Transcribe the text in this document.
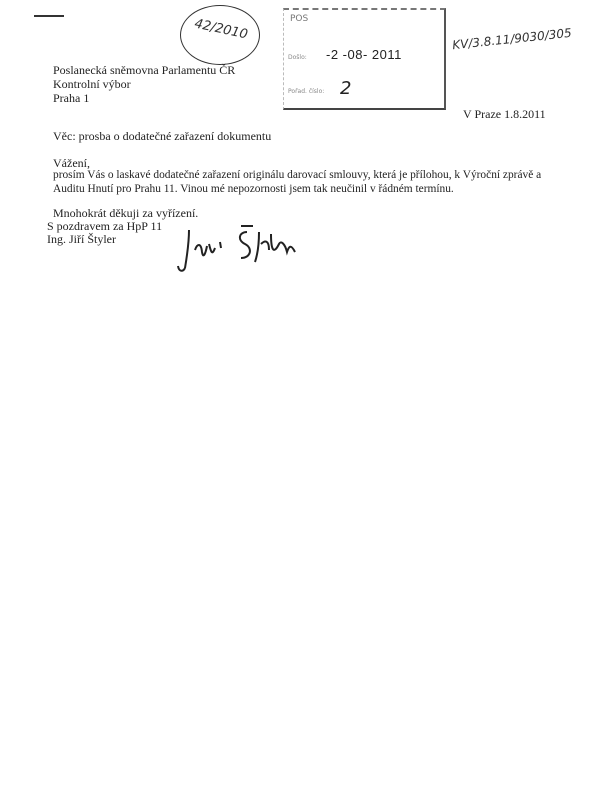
42/2010	POS
Došlo: -2 -08- 2011
Pořad. číslo: 2
KV/3.8.11/9030/305
Poslanecká sněmovna Parlamentu ČR
Kontrolní výbor
Praha 1
V Praze 1.8.2011
Věc: prosba o dodatečné zařazení dokumentu
Vážení,
prosím Vás o laskavé dodatečné zařazení originálu darovací smlouvy, která je přílohou, k Výroční zprávě a
Auditu Hnutí pro Prahu 11. Vinou mé nepozornosti jsem tak neučinil v řádném termínu.
Mnohokrát děkuji za vyřízení.
S pozdravem za HpP 11
Ing. Jiří Štyler
